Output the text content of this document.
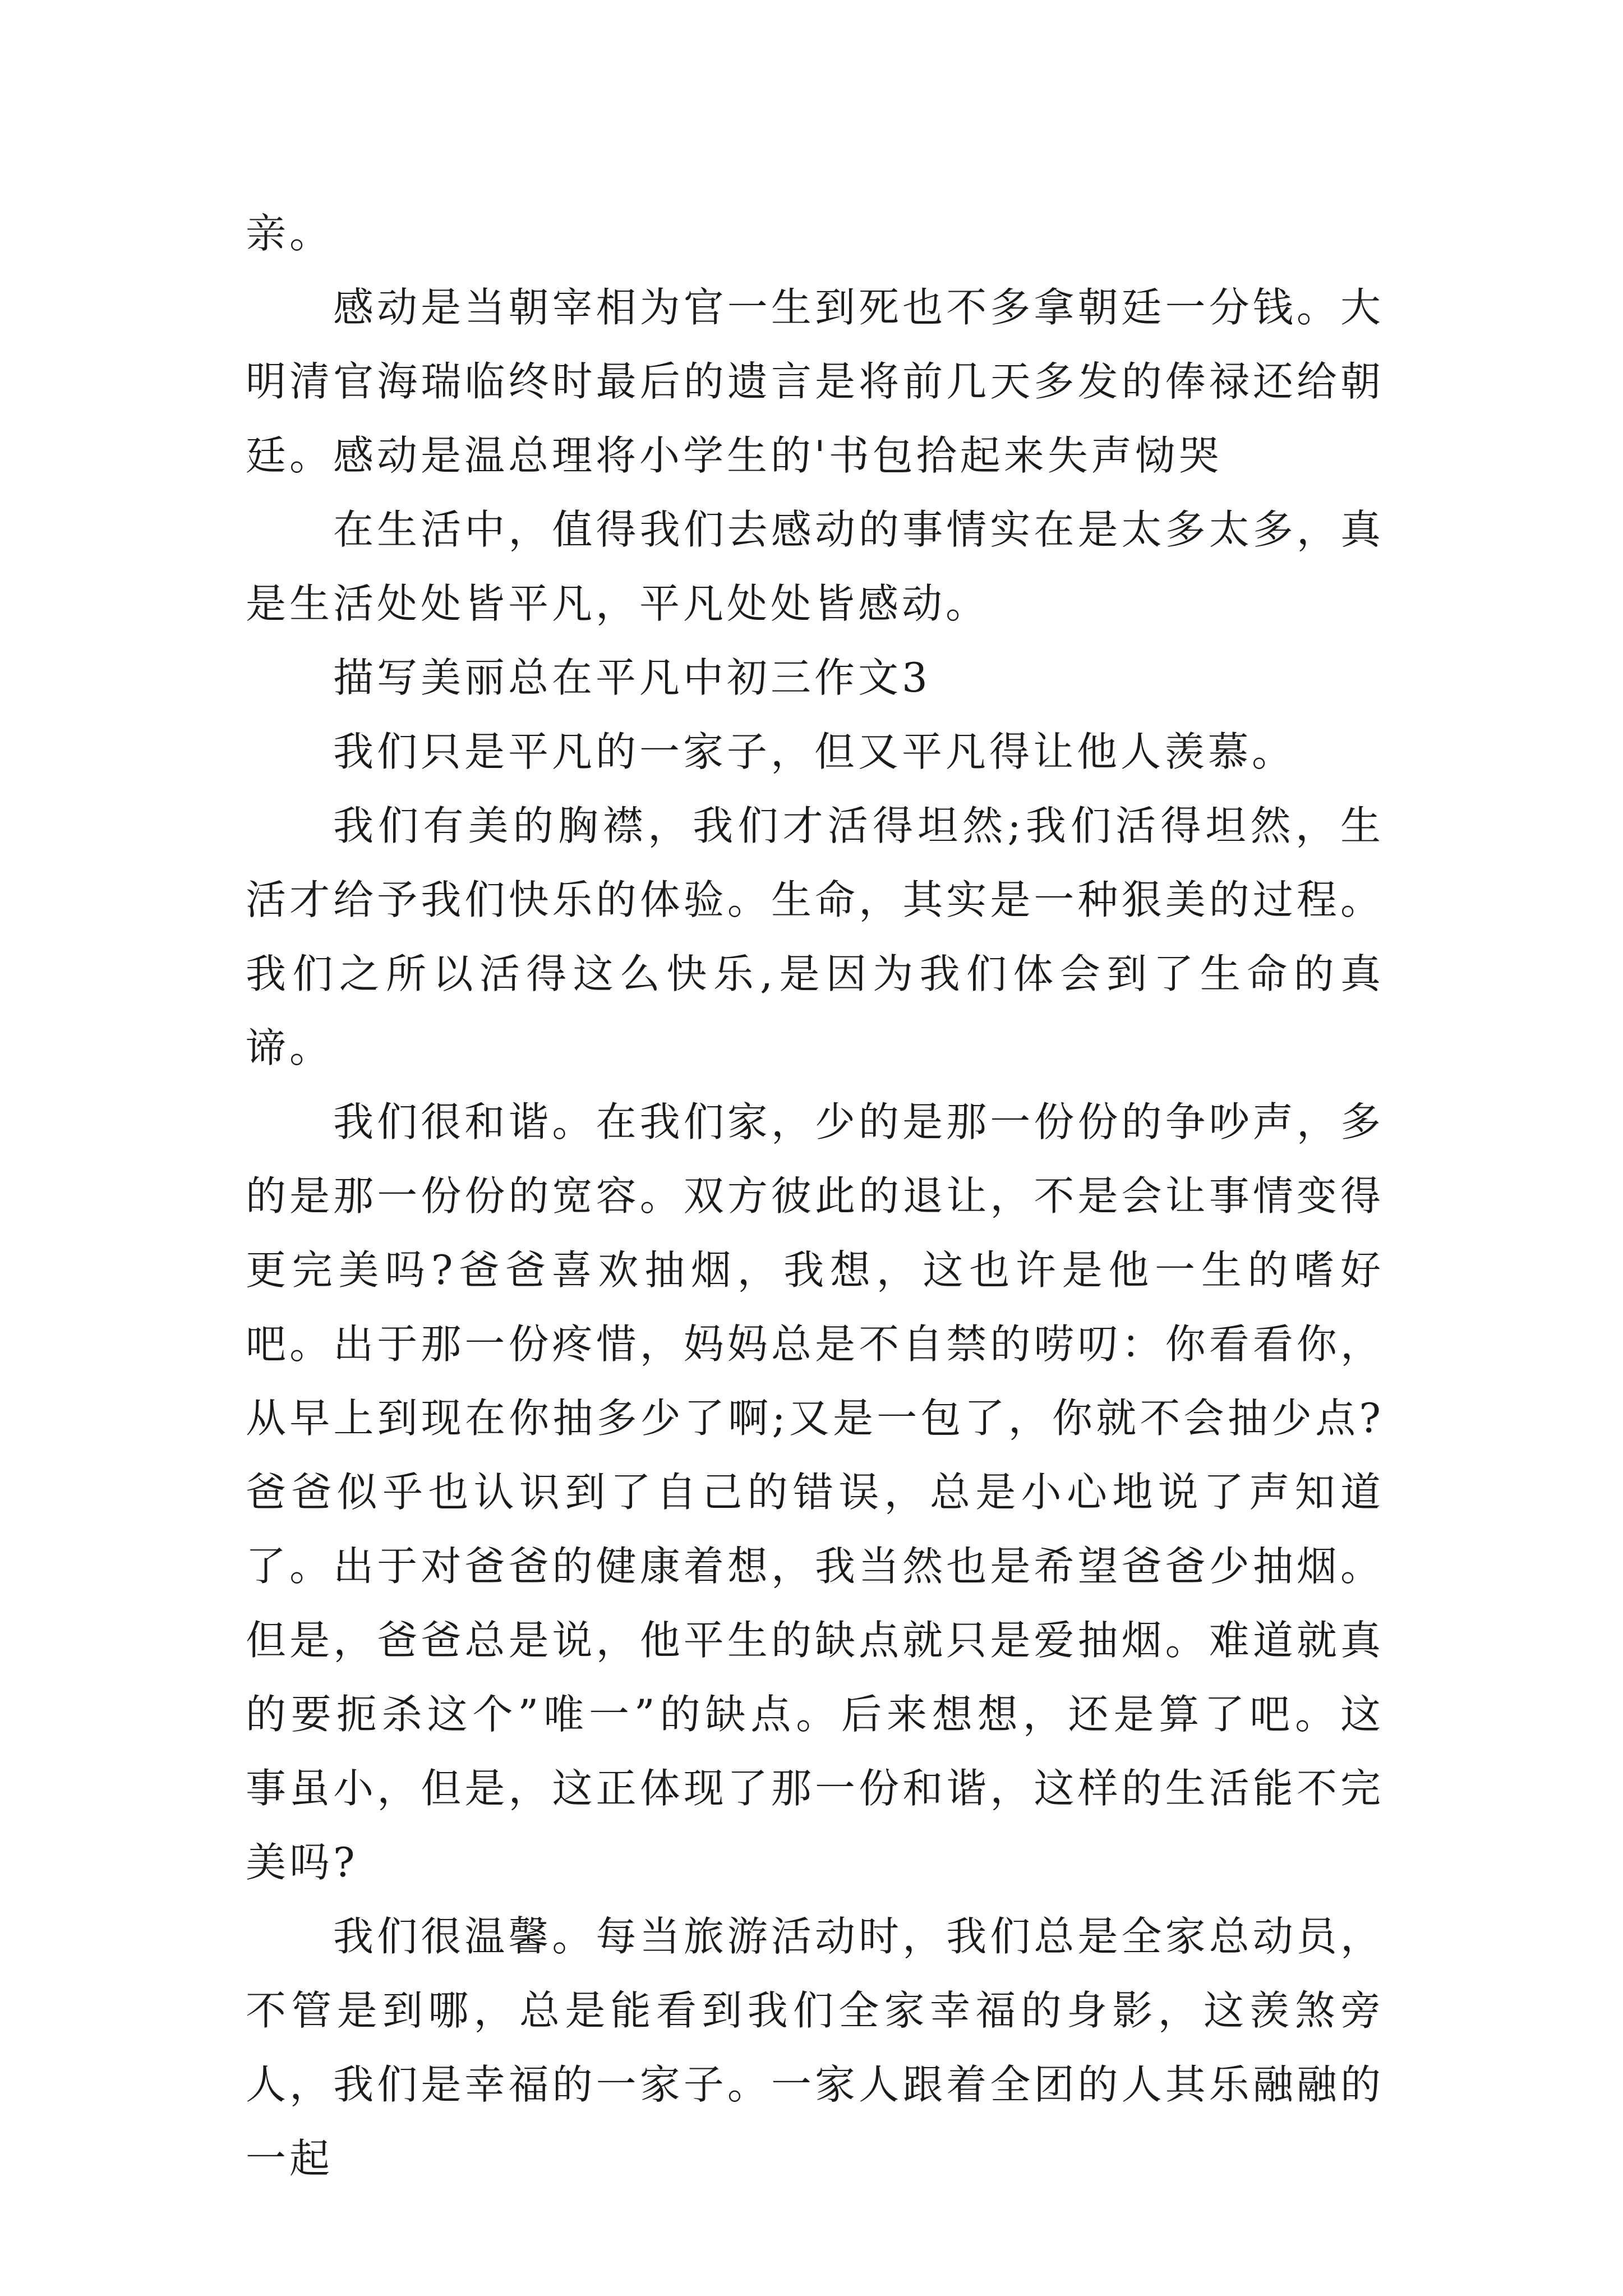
亲。

感动是当朝宰相为官一生到死也不多拿朝廷一分钱。大明清官海瑞临终时最后的遗言是将前几天多发的俸禄还给朝廷。感动是温总理将小学生的'书包拾起来失声恸哭

在生活中，值得我们去感动的事情实在是太多太多，真是生活处处皆平凡，平凡处处皆感动。

描写美丽总在平凡中初三作文3

我们只是平凡的一家子，但又平凡得让他人羡慕。

我们有美的胸襟，我们才活得坦然;我们活得坦然，生活才给予我们快乐的体验。生命，其实是一种狠美的过程。我们之所以活得这么快乐,是因为我们体会到了生命的真谛。

我们很和谐。在我们家，少的是那一份份的争吵声，多的是那一份份的宽容。双方彼此的退让，不是会让事情变得更完美吗?爸爸喜欢抽烟，我想，这也许是他一生的嗜好吧。出于那一份疼惜，妈妈总是不自禁的唠叨：你看看你，从早上到现在你抽多少了啊;又是一包了，你就不会抽少点?爸爸似乎也认识到了自己的错误，总是小心地说了声知道了。出于对爸爸的健康着想，我当然也是希望爸爸少抽烟。但是，爸爸总是说，他平生的缺点就只是爱抽烟。难道就真的要扼杀这个”唯一”的缺点。后来想想，还是算了吧。这事虽小，但是，这正体现了那一份和谐，这样的生活能不完美吗?

我们很温馨。每当旅游活动时，我们总是全家总动员，不管是到哪，总是能看到我们全家幸福的身影，这羡煞旁人，我们是幸福的一家子。一家人跟着全团的人其乐融融的一起
